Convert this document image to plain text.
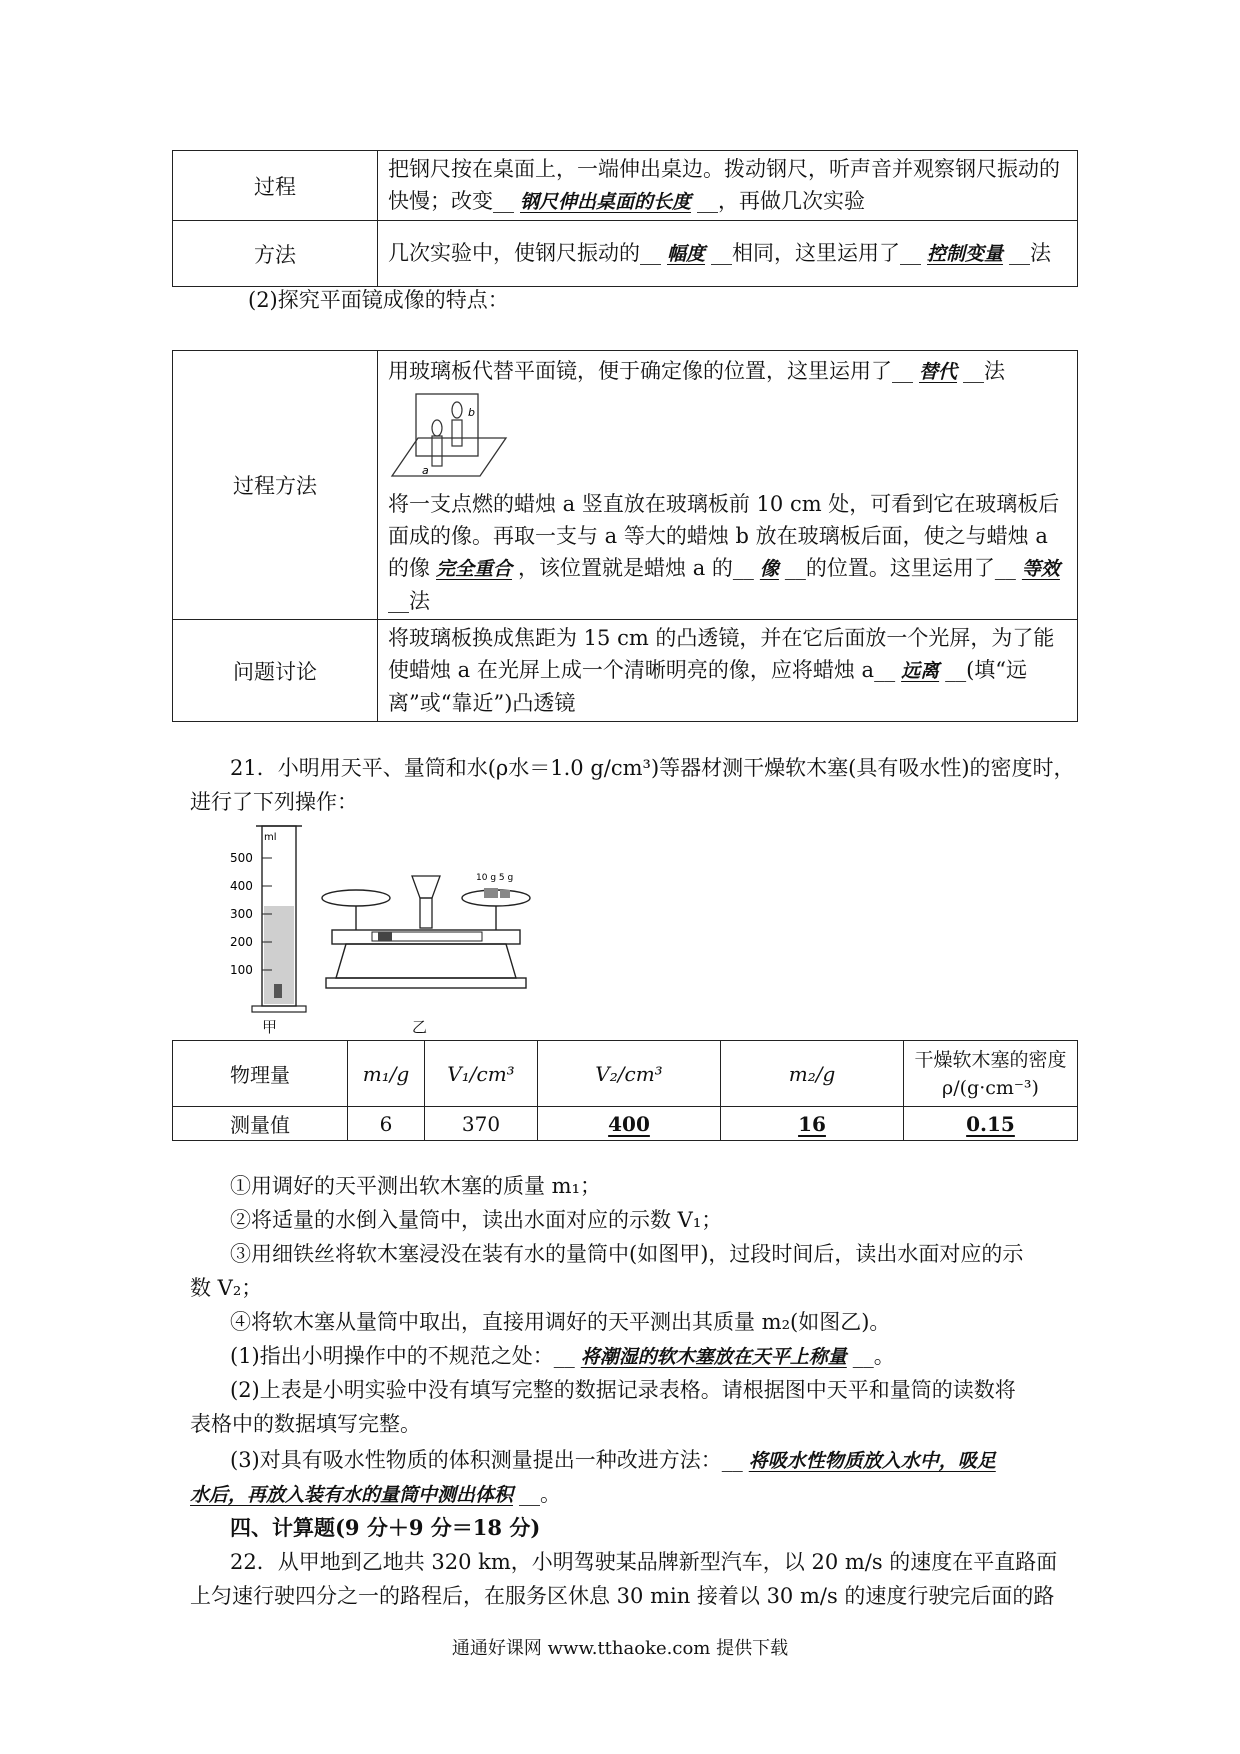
过程	把钢尺按在桌面上，一端伸出桌边。拨动钢尺，听声音并观察钢尺振动的快慢；改变__ 钢尺伸出桌面的长度 __，再做几次实验
方法	几次实验中，使钢尺振动的__ 幅度 __相同，这里运用了__ 控制变量 __法
(2)探究平面镜成像的特点：
过程方法	用玻璃板代替平面镜，便于确定像的位置，这里运用了__ 替代 __法
a
b
将一支点燃的蜡烛 a 竖直放在玻璃板前 10 cm 处，可看到它在玻璃板后面成的像。再取一支与 a 等大的蜡烛 b 放在玻璃板后面，使之与蜡烛 a 的像 完全重合 ，该位置就是蜡烛 a 的__ 像 __的位置。这里运用了__ 等效__法

问题讨论	将玻璃板换成焦距为 15 cm 的凸透镜，并在它后面放一个光屏，为了能使蜡烛 a 在光屏上成一个清晰明亮的像，应将蜡烛 a__ 远离 __(填“远离”或“靠近”)凸透镜
21．小明用天平、量筒和水(ρ水＝1.0 g/cm³)等器材测干燥软木塞(具有吸水性)的密度时，
进行了下列操作：
ml
500
400
300
200
100
甲
10 g 5 g
乙
物理量	m₁/g	V₁/cm³	V₂/cm³	m₂/g	干燥软木塞的密度ρ/(g·cm⁻³)
测量值	6	370	400	16	0.15
①用调好的天平测出软木塞的质量 m₁；
②将适量的水倒入量筒中，读出水面对应的示数 V₁；
③用细铁丝将软木塞浸没在装有水的量筒中(如图甲)，过段时间后，读出水面对应的示
数 V₂；
④将软木塞从量筒中取出，直接用调好的天平测出其质量 m₂(如图乙)。
(1)指出小明操作中的不规范之处：__ 将潮湿的软木塞放在天平上称量 __。
(2)上表是小明实验中没有填写完整的数据记录表格。请根据图中天平和量筒的读数将
表格中的数据填写完整。
(3)对具有吸水性物质的体积测量提出一种改进方法：__ 将吸水性物质放入水中，吸足
水后，再放入装有水的量筒中测出体积 __。
四、计算题(9 分＋9 分＝18 分)
22．从甲地到乙地共 320 km，小明驾驶某品牌新型汽车，以 20 m/s 的速度在平直路面
上匀速行驶四分之一的路程后，在服务区休息 30 min 接着以 30 m/s 的速度行驶完后面的路
通通好课网 www.tthaoke.com 提供下载
